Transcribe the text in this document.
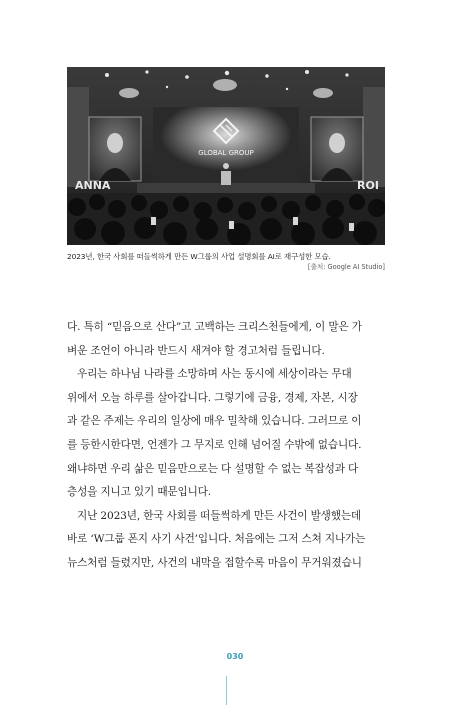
GLOBAL GROUP
ANNA	ROI
2023년, 한국 사회를 떠들썩하게 만든 W그룹의 사업 설명회를 AI로 재구성한 모습.
[출처: Google AI Studio]

다. 특히 “믿음으로 산다”고 고백하는 크리스천들에게, 이 말은 가

벼운 조언이 아니라 반드시 새겨야 할 경고처럼 들립니다.

우리는 하나님 나라를 소망하며 사는 동시에 세상이라는 무대

위에서 오늘 하루를 살아갑니다. 그렇기에 금융, 경제, 자본, 시장

과 같은 주제는 우리의 일상에 매우 밀착해 있습니다. 그러므로 이

를 등한시한다면, 언젠가 그 무지로 인해 넘어질 수밖에 없습니다.

왜냐하면 우리 삶은 믿음만으로는 다 설명할 수 없는 복잡성과 다

층성을 지니고 있기 때문입니다.

지난 2023년, 한국 사회를 떠들썩하게 만든 사건이 발생했는데

바로 ‘W그룹 폰지 사기 사건’입니다. 처음에는 그저 스쳐 지나가는

뉴스처럼 들렸지만, 사건의 내막을 접할수록 마음이 무거워졌습니

030
